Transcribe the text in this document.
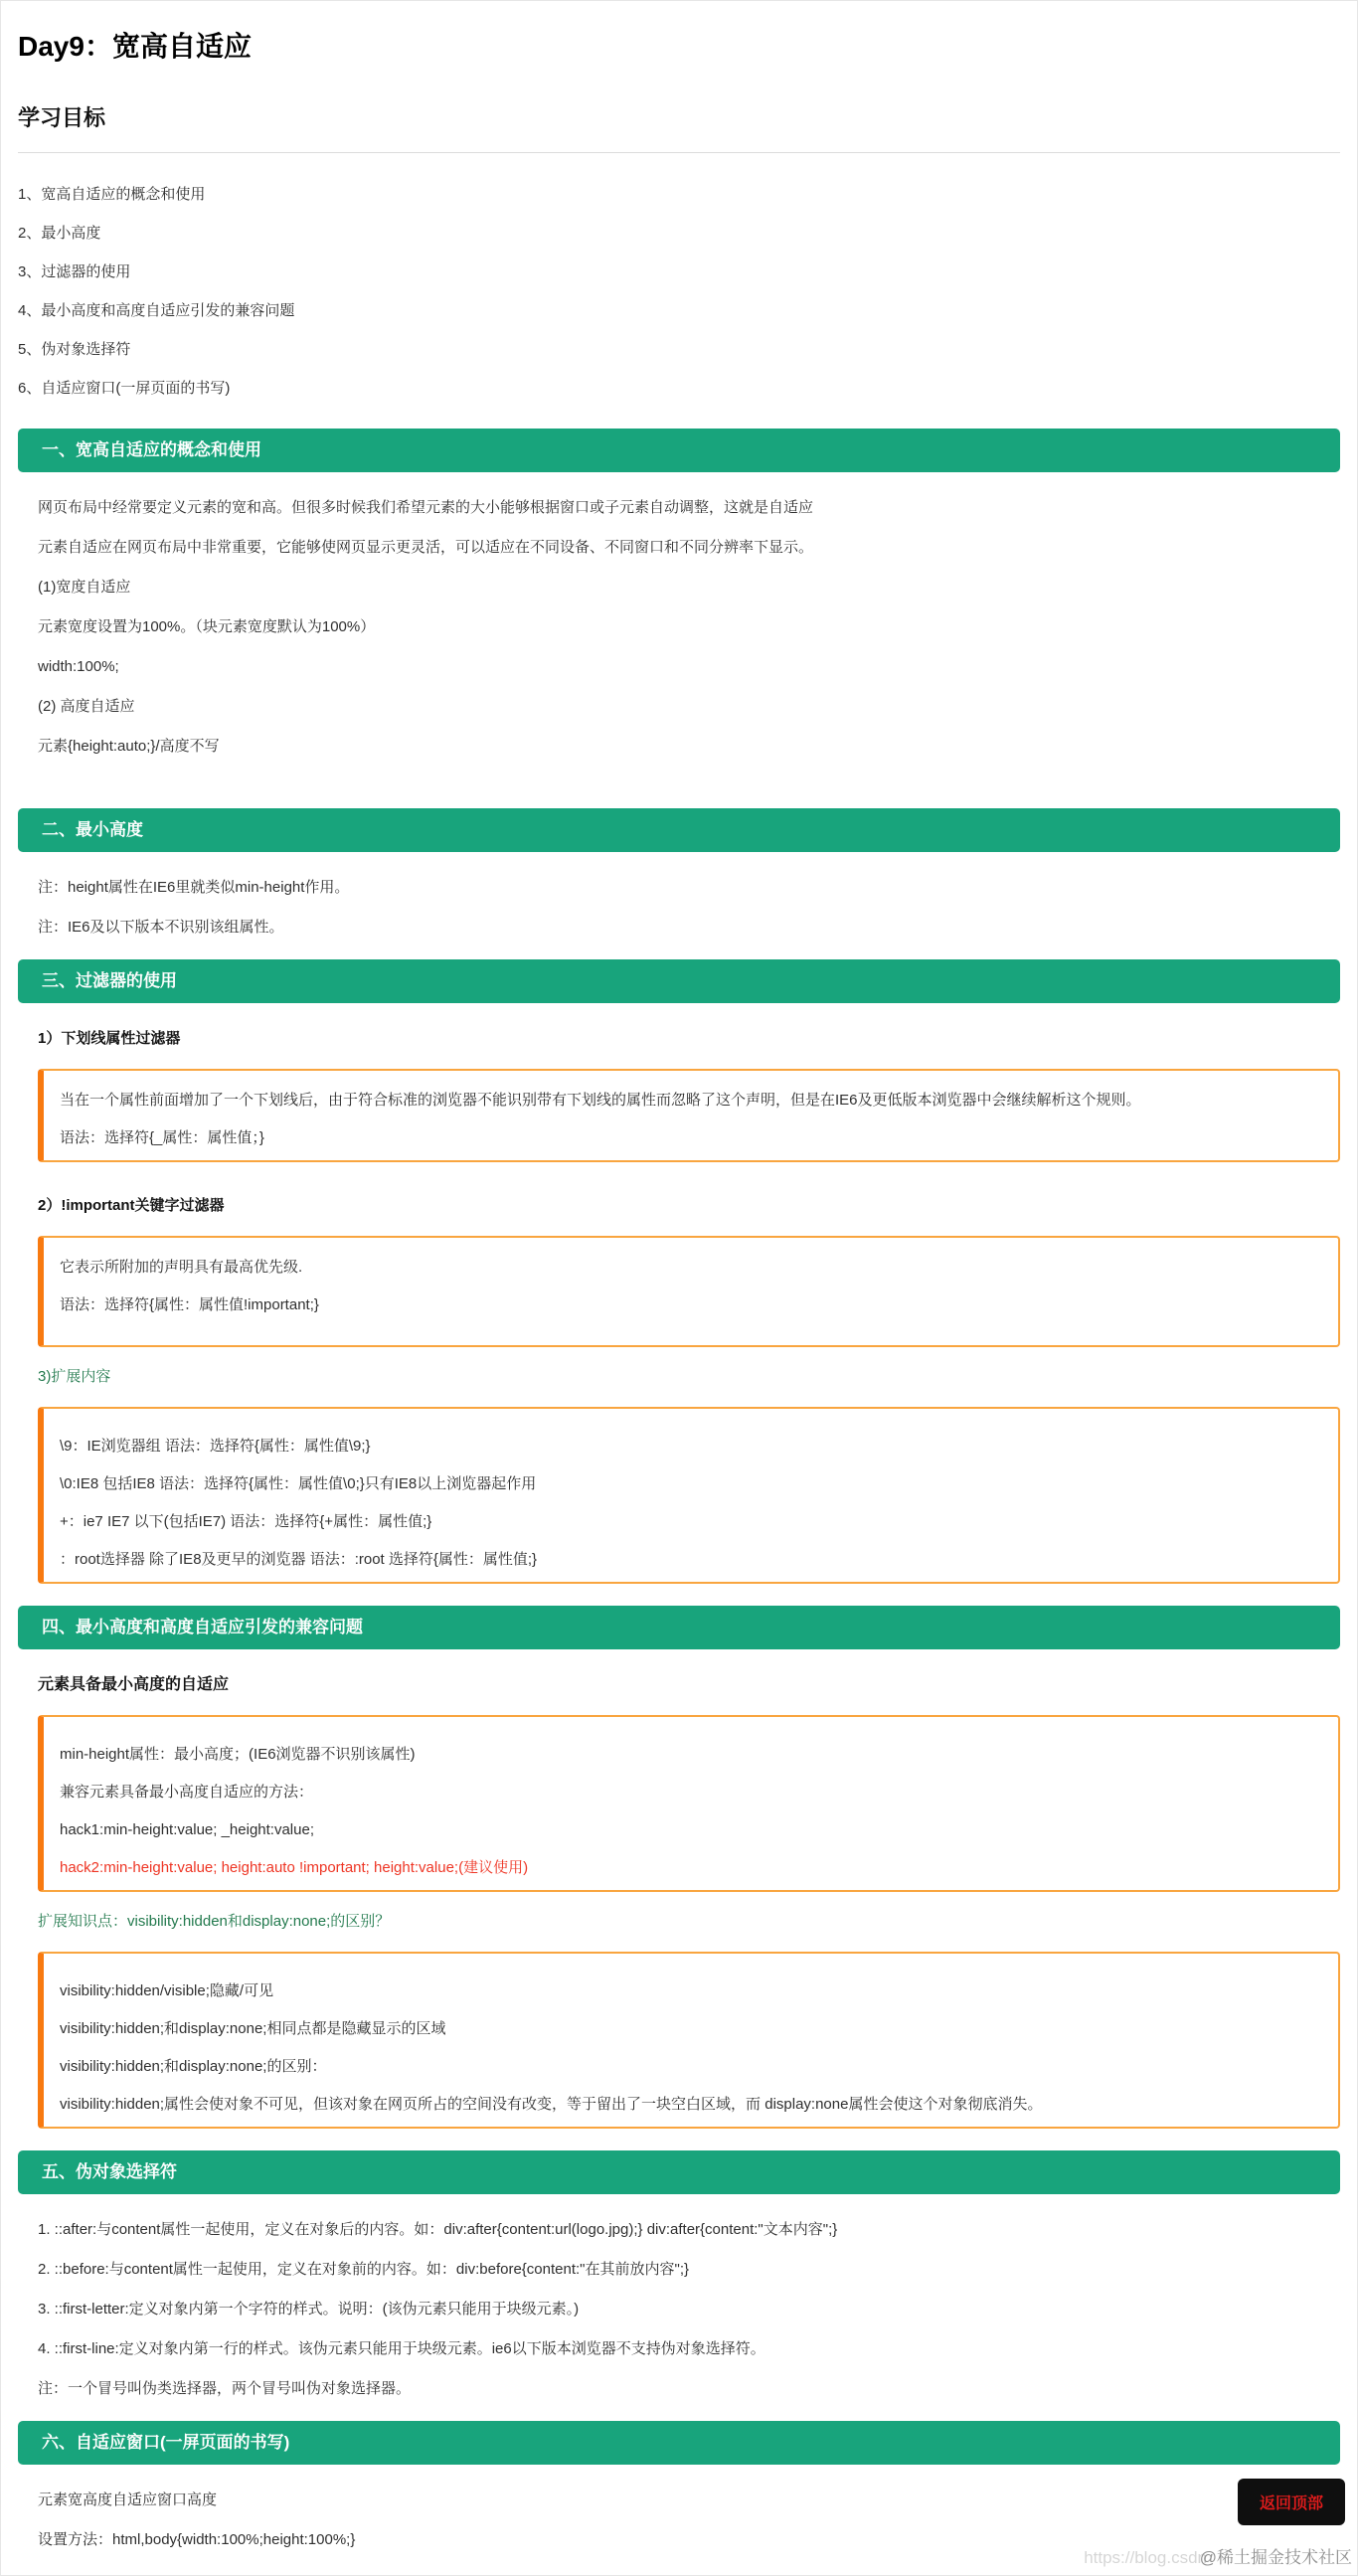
Day9：宽高自适应
学习目标

1、宽高自适应的概念和使用

2、最小高度

3、过滤器的使用

4、最小高度和高度自适应引发的兼容问题

5、伪对象选择符

6、自适应窗口(一屏页面的书写)

一、宽高自适应的概念和使用

网页布局中经常要定义元素的宽和高。但很多时候我们希望元素的大小能够根据窗口或子元素自动调整，这就是自适应

元素自适应在网页布局中非常重要，它能够使网页显示更灵活，可以适应在不同设备、不同窗口和不同分辨率下显示。

(1)宽度自适应

元素宽度设置为100%。（块元素宽度默认为100%）

width:100%;

(2) 高度自适应

元素{height:auto;}/高度不写

二、最小高度

注：height属性在IE6里就类似min-height作用。

注：IE6及以下版本不识别该组属性。

三、过滤器的使用

1）下划线属性过滤器

当在一个属性前面增加了一个下划线后，由于符合标准的浏览器不能识别带有下划线的属性而忽略了这个声明，但是在IE6及更低版本浏览器中会继续解析这个规则。

语法：选择符{_属性：属性值；}

2）!important关键字过滤器

它表示所附加的声明具有最高优先级.

语法：选择符{属性：属性值!important;}

3)扩展内容

\9：IE浏览器组 语法：选择符{属性：属性值\9;}

\0:IE8 包括IE8 语法：选择符{属性：属性值\0;}只有IE8以上浏览器起作用

+：ie7 IE7 以下(包括IE7) 语法：选择符{+属性：属性值;}

：root选择器 除了IE8及更早的浏览器 语法：:root 选择符{属性：属性值;}

四、最小高度和高度自适应引发的兼容问题

元素具备最小高度的自适应

min-height属性：最小高度；(IE6浏览器不识别该属性)

兼容元素具备最小高度自适应的方法：

hack1:min-height:value; _height:value;

hack2:min-height:value; height:auto !important; height:value;(建议使用)

扩展知识点：visibility:hidden和display:none;的区别？

visibility:hidden/visible;隐藏/可见

visibility:hidden;和display:none;相同点都是隐藏显示的区域

visibility:hidden;和display:none;的区别：

visibility:hidden;属性会使对象不可见，但该对象在网页所占的空间没有改变，等于留出了一块空白区域，而 display:none属性会使这个对象彻底消失。

五、伪对象选择符

1. ::after:与content属性一起使用，定义在对象后的内容。如：div:after{content:url(logo.jpg);} div:after{content:"文本内容";}

2. ::before:与content属性一起使用，定义在对象前的内容。如：div:before{content:"在其前放内容";}

3. ::first-letter:定义对象内第一个字符的样式。说明：(该伪元素只能用于块级元素。)

4. ::first-line:定义对象内第一行的样式。该伪元素只能用于块级元素。ie6以下版本浏览器不支持伪对象选择符。

注：一个冒号叫伪类选择器，两个冒号叫伪对象选择器。

六、自适应窗口(一屏页面的书写)

元素宽高度自适应窗口高度

设置方法：html,body{width:100%;height:100%;}

返回顶部
https://blog.csdn @稀土掘金技术社区
